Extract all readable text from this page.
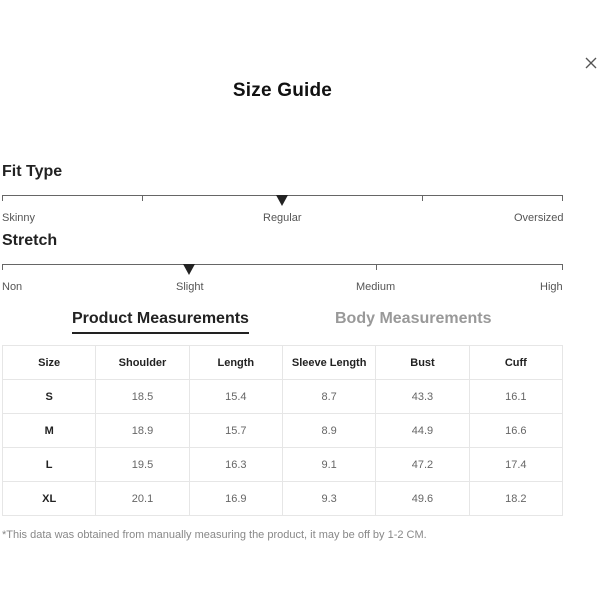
Size Guide
Fit Type
Skinny	Regular	Oversized
Stretch
Non	Slight	Medium	High
Product Measurements	Body Measurements
Size	Shoulder	Length	Sleeve Length	Bust	Cuff
S	18.5	15.4	8.7	43.3	16.1
M	18.9	15.7	8.9	44.9	16.6
L	19.5	16.3	9.1	47.2	17.4
XL	20.1	16.9	9.3	49.6	18.2
*This data was obtained from manually measuring the product, it may be off by 1-2 CM.
